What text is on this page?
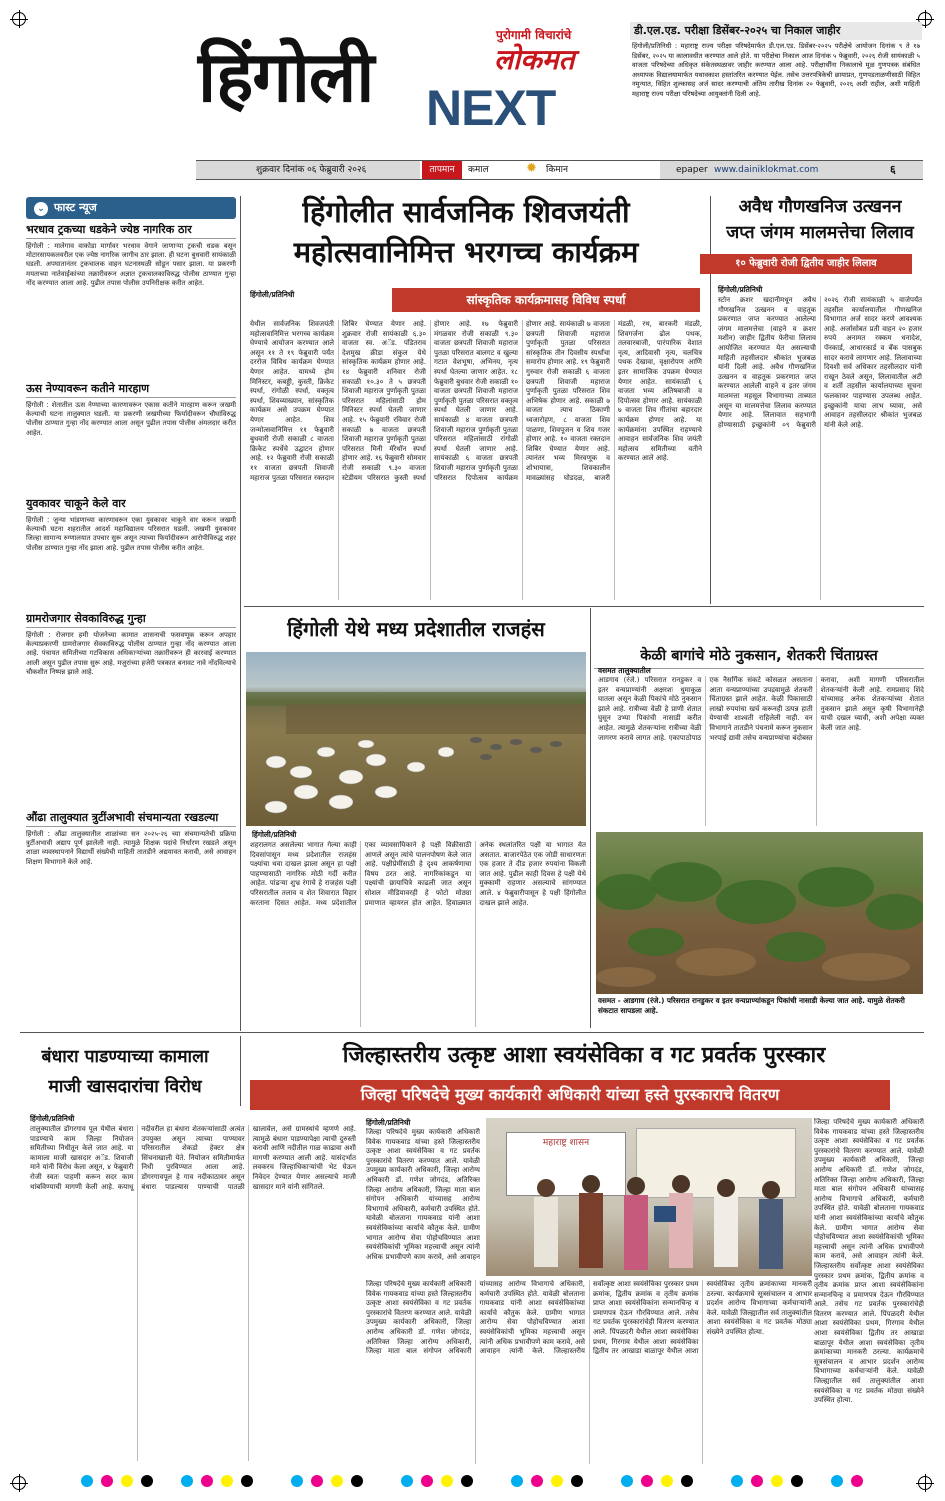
हिंगोली
पुरोगामी विचारांचे
लोकमत
NEXT
डी.एल.एड. परीक्षा डिसेंबर-२०२५ चा निकाल जाहीर
हिंगोली/प्रतिनिधी : महाराष्ट्र राज्य परीक्षा परिषदेमार्फत डी.एल.एड. डिसेंबर-२०२५ परीक्षेचे आयोजन दिनांक ९ ते १७ डिसेंबर, २०२५ या कालावधीत करण्यात आले होते. या परीक्षेचा निकाल आज दिनांक ५ फेब्रुवारी, २०२६ रोजी सायंकाळी ५ वाजता परिषदेच्या अधिकृत संकेतस्थळावर जाहीर करण्यात आला आहे. परीक्षार्थींना निकालाचे मूळ गुणपत्रक संबंधित अध्यापक विद्यालयामार्फत यथावकाश हस्तांतरित करण्यात येईल. तसेच उत्तरपत्रिकेची छायाप्रत, गुणपडताळणीसाठी विहित नमुन्यात, विहित शुल्कासह अर्ज सादर करण्याची अंतिम तारीख दिनांक २० फेब्रुवारी, २०२६ अशी राहील, अशी माहिती महाराष्ट्र राज्य परीक्षा परिषदेच्या आयुक्तांनी दिली आहे.
शुक्रवार दिनांक ०६ फेब्रुवारी २०२६	तापमान	कमाल	✹ किमान	epaper www.dainiklokmat.com	६
⌄ फास्ट न्यूज
भरधाव ट्रकच्या धडकेने ज्येष्ठ नागरिक ठार
हिंगोली : मालेगाव वाकोडा मार्गावर भरधाव वेगाने जाणाऱ्या ट्रकची धडक बसून मोटारसायकलवरील एक ज्येष्ठ नागरिक जागीच ठार झाला. ही घटना बुधवारी सायंकाळी घडली. अपघातानंतर ट्रकचालक वाहन घटनास्थळी सोडून पसार झाला. या प्रकरणी मयताच्या नातेवाईकांच्या तक्रारीवरून अज्ञात ट्रकचालकाविरुद्ध पोलीस ठाण्यात गुन्हा नोंद करण्यात आला आहे. पुढील तपास पोलीस उपनिरीक्षक करीत आहेत.
ऊस नेण्यावरून कतीने मारहाण
हिंगोली : शेतातील ऊस नेण्याच्या कारणावरून एकास कतीने मारहाण करून जखमी केल्याची घटना तालुक्यात घडली. या प्रकरणी जखमीच्या फिर्यादीवरून चौघांविरुद्ध पोलीस ठाण्यात गुन्हा नोंद करण्यात आला असून पुढील तपास पोलीस अंमलदार करीत आहेत.
युवकावर चाकूने केले वार
हिंगोली : जुन्या भांडणाच्या कारणावरून एका युवकावर चाकूने वार करून जखमी केल्याची घटना शहरातील आदर्श महाविद्यालय परिसरात घडली. जखमी युवकावर जिल्हा सामान्य रुग्णालयात उपचार सुरू असून त्याच्या फिर्यादीवरून आरोपीविरुद्ध शहर पोलीस ठाण्यात गुन्हा नोंद झाला आहे. पुढील तपास पोलीस करीत आहेत.
ग्रामरोजगार सेवकाविरुद्ध गुन्हा
हिंगोली : रोजगार हमी योजनेच्या कामात शासनाची फसवणूक करून अपहार केल्याप्रकरणी ग्रामरोजगार सेवकाविरुद्ध पोलीस ठाण्यात गुन्हा नोंद करण्यात आला आहे. पंचायत समितीच्या गटविकास अधिकाऱ्यांच्या तक्रारीवरून ही कारवाई करण्यात आली असून पुढील तपास सुरू आहे. मजुरांच्या हजेरी पत्रकात बनावट नावे नोंदविल्याचे चौकशीत निष्पन्न झाले आहे.
औंढा तालुक्यात त्रुटींअभावी संचमान्यता रखडल्या
हिंगोली : औंढा तालुक्यातील शाळांच्या सन २०२५-२६ च्या संचमान्यतेची प्रक्रिया त्रुटींअभावी अद्याप पूर्ण झालेली नाही. त्यामुळे शिक्षक पदांचे निर्धारण रखडले असून शाळा व्यवस्थापनाने विद्यार्थी संख्येची माहिती तातडीने अद्ययावत करावी, असे आवाहन शिक्षण विभागाने केले आहे.
हिंगोलीत सार्वजनिक शिवजयंती
महोत्सवानिमित्त भरगच्च कार्यक्रम
सांस्कृतिक कार्यक्रमासह विविध स्पर्धा
हिंगोली/प्रतिनिधी
येथील सार्वजनिक शिवजयंती महोत्सवानिमित्त भरगच्च कार्यक्रम घेण्याचे आयोजन करण्यात आले असून ११ ते १९ फेब्रुवारी पर्यंत दररोज विविध कार्यक्रम घेण्यात येणार आहेत. यामध्ये होम मिनिस्टर, कबड्डी, कुस्ती, क्रिकेट स्पर्धा, रांगोळी स्पर्धा, वक्तृत्व स्पर्धा, शिवव्याख्यान, सांस्कृतिक कार्यक्रम असे उपक्रम घेण्यात येणार आहेत. शिव जन्मोत्सवानिमित्त ११ फेब्रुवारी बुधवारी रोजी सकाळी ८ वाजता क्रिकेट स्पर्धेचे उद्घाटन होणार आहे. १२ फेब्रुवारी रोजी सकाळी ११ वाजता छत्रपती शिवाजी महाराज पुतळा परिसरात रक्तदान शिबिर घेण्यात येणार आहे. शुक्रवार रोजी सायंकाळी ६.३० वाजता स्व. अॅड. पंडितराव देशमुख क्रीडा संकुल येथे सांस्कृतिक कार्यक्रम होणार आहे. १४ फेब्रुवारी शनिवार रोजी सकाळी १०.३० ते ५ छत्रपती शिवाजी महाराज पुर्णाकृती पुतळा परिसरात महिलांसाठी होम मिनिस्टर स्पर्धा घेतली जाणार आहे. १५ फेब्रुवारी रविवार रोजी सकाळी ७ वाजता छत्रपती शिवाजी महाराज पुर्णाकृती पुतळा परिसरात मिनी मॅरेथॉन स्पर्धा होणार आहे. १६ फेब्रुवारी सोमवार रोजी सकाळी ९.३० वाजता स्टेडीयम परिसरात कुस्ती स्पर्धा होणार आहे. १७ फेब्रुवारी मंगळवार रोजी सकाळी ९.३० वाजता छत्रपती शिवाजी महाराज पुतळा परिसरात बालगट व खुल्या गटात वेशभूषा, अभिनय, नृत्य स्पर्धा घेतल्या जाणार आहेत. १८ फेब्रुवारी बुधवार रोजी सकाळी १० वाजता छत्रपती शिवाजी महाराज पुर्णाकृती पुतळा परिसरात वक्तृत्व स्पर्धा घेतली जाणार आहे. सायंकाळी ४ वाजता छत्रपती शिवाजी महाराज पुर्णाकृती पुतळा परिसरात महिलांसाठी रांगोळी स्पर्धा घेतली जाणार आहे. सायंकाळी ६ वाजता छत्रपती शिवाजी महाराज पुर्णाकृती पुतळा परिसरात दिपोत्सव कार्यक्रम होणार आहे. सायंकाळी ७ वाजता छत्रपती शिवाजी महाराज पुर्णाकृती पुतळा परिसरात सांस्कृतिक तीन दिवसीय स्पर्धांचा समारोप होणार आहे. १९ फेब्रुवारी गुरुवार रोजी सकाळी ६ वाजता छत्रपती शिवाजी महाराज पुर्णाकृती पुतळा परिसरात शिव अभिषेक होणार आहे. सकाळी ७ वाजता त्याच ठिकाणी ध्वजारोहण, ८ वाजता शिव पाळणा, शिवपूजन व शिव गजर होणार आहे. १० वाजता रक्तदान शिबिर घेण्यात येणार आहे. त्यानंतर भव्य मिरवणूक व शोभायात्रा, शिवकालीन मावळ्यांसह घोडदळ, बाजरी मंडळी, रथ, बारकरी मंडळी, शिवगर्जना ढोल पथक, तलवारबाजी, पारंपारिक वेशात नृत्य, आदिवासी नृत्य, चलचित्र पथक देखावा, वृक्षारोपण आणि इतर सामाजिक उपक्रम घेण्यात येणार आहेत. सायंकाळी ६ वाजता भव्य अतिषबाजी व दिपोत्सव होणार आहे. सायंकाळी ७ वाजता शिव गीतांचा बहारदार कार्यक्रम होणार आहे. या कार्यक्रमांना उपस्थित राहण्याचे आवाहन सार्वजनिक शिव जयंती महोत्सव समितीच्या वतीने करण्यात आले आहे.
अवैध गौणखनिज उत्खनन
जप्त जंगम मालमत्तेचा लिलाव
१० फेब्रुवारी रोजी द्वितीय जाहीर लिलाव
हिंगोली/प्रतिनिधी
स्टोन क्रशर खदानीमधून अवैध गौणखनिज उत्खनन व वाहतूक प्रकरणात जप्त करण्यात आलेल्या जंगम मालमत्तेचा (वाहने व क्रशर मशीन) जाहीर द्वितीय फेरीचा लिलाव आयोजित करण्यात येत असल्याची माहिती तहसीलदार श्रीकांत भुजबळ यांनी दिली आहे. अवैध गौणखनिज उत्खनन व वाहतूक प्रकरणात जप्त करण्यात आलेली वाहने व इतर जंगम मालमत्ता महसूल विभागाच्या ताब्यात असून या मालमत्तेचा लिलाव करण्यात येणार आहे. लिलावात सहभागी होण्यासाठी इच्छुकांनी ०९ फेब्रुवारी २०२६ रोजी सायंकाळी ५ वाजेपर्यंत तहसील कार्यालयातील गौणखनिज विभागात अर्ज सादर करणे आवश्यक आहे. अर्जासोबत प्रती वाहन २० हजार रुपये अनामत रक्कम धनादेश, पॅनकार्ड, आधारकार्ड व बँक पासबुक सादर करावे लागणार आहे. लिलावाच्या दिवशी सर्व अधिकार तहसीलदार यांनी राखून ठेवले असून, लिलावातील अटी व शर्ती तहसील कार्यालयाच्या सूचना फलकावर पाहण्यास उपलब्ध आहेत. इच्छुकांनी याचा लाभ घ्यावा, असे आवाहन तहसीलदार श्रीकांत भुजबळ यांनी केले आहे.
हिंगोली येथे मध्य प्रदेशातील राजहंस
हिंगोली/प्रतिनिधी
शहरालगत असलेल्या भागात गेल्या काही दिवसांपासून मध्य प्रदेशातील राजहंस पक्ष्यांचा थवा दाखल झाला असून हा पक्षी पाहण्यासाठी नागरिक मोठी गर्दी करीत आहेत. पांढऱ्या शुभ्र रंगाचे हे राजहंस पक्षी परिसरातील तलाव व शेत शिवारात विहार करताना दिसत आहेत. मध्य प्रदेशातील एका व्यावसायिकाने हे पक्षी विक्रीसाठी आणले असून त्यांचे पालनपोषण केले जात आहे. पक्षीप्रेमींसाठी हे दृश्य आकर्षणाचा विषय ठरत आहे. नागरिकांकडून या पक्ष्यांची छायाचित्रे काढली जात असून सोशल मीडियावरही हे फोटो मोठ्या प्रमाणात व्हायरल होत आहेत. हिवाळ्यात अनेक स्थलांतरित पक्षी या भागात येत असतात. बाजारपेठेत एक जोडी साधारणतः एक हजार ते दीड हजार रुपयांना विकली जात आहे. पुढील काही दिवस हे पक्षी येथे मुक्कामी राहणार असल्याचे सांगण्यात आले. ४ फेब्रुवारीपासून हे पक्षी हिंगोलीत दाखल झाले आहेत.
केळी बागांचे मोठे नुकसान, शेतकरी चिंताग्रस्त
वसमत तालुक्यातील
आडगाव (रंजे.) परिसरात रानडुकर व इतर वन्यप्राण्यांनी अक्षरशः धुमाकूळ घातला असून केळी पिकांचे मोठे नुकसान झाले आहे. रात्रीच्या वेळी हे प्राणी शेतात घुसून उभ्या पिकांची नासाडी करीत आहेत. त्यामुळे शेतकऱ्यांना रात्रीच्या वेळी जागरण करावे लागत आहे. एकापाठोपाठ एक नैसर्गिक संकटे कोसळत असताना आता वन्यप्राण्यांच्या उपद्रवामुळे शेतकरी चिंताग्रस्त झाले आहेत. केळी पिकासाठी लाखो रुपयांचा खर्च करूनही उत्पन्न हाती येण्याची शाश्वती राहिलेली नाही. वन विभागाने तातडीने पंचनामे करून नुकसान भरपाई द्यावी तसेच वन्यप्राण्यांचा बंदोबस्त करावा, अशी मागणी परिसरातील शेतकऱ्यांनी केली आहे. रामप्रसाद शिंदे यांच्यासह अनेक शेतकऱ्यांच्या शेतात नुकसान झाले असून कृषी विभागानेही याची दखल घ्यावी, अशी अपेक्षा व्यक्त केली जात आहे.
वसमत - आडगाव (रंजे.) परिसरात रानडुकर व इतर वन्यप्राण्यांकडून पिकांची नासाडी केल्या जात आहे. यामुळे शेतकरी संकटात सापडला आहे.
बंधारा पाडण्याच्या कामाला
माजी खासदारांचा विरोध
हिंगोली/प्रतिनिधी
तालुक्यातील डोंगरगाव पूल येथील बंधारा पाडण्याचे काम जिल्हा नियोजन समितीच्या निधीतून केले जात आहे. या कामाला माजी खासदार अॅड. शिवाजी माने यांनी विरोध केला असून, ४ फेब्रुवारी रोजी स्वतः पाहणी करून सदर काम थांबविण्याची मागणी केली आहे. कयाधू नदीवरील हा बंधारा शेतकऱ्यांसाठी अत्यंत उपयुक्त असून त्याच्या पाण्यावर परिसरातील शेकडो हेक्टर क्षेत्र सिंचनाखाली येते. नियोजन समितीमार्फत निधी पुरविण्यात आला आहे. डोंगरगावपूल हे गाव नदीकाठावर असून बंधारा पाडल्यास पाण्याची पातळी खालावेल, असे ग्रामस्थांचे म्हणणे आहे. त्यामुळे बंधारा पाडण्यापेक्षा त्याची दुरुस्ती करावी आणि नदीतील गाळ काढावा अशी मागणी करण्यात आली आहे. यासंदर्भात लवकरच जिल्हाधिकाऱ्यांची भेट घेऊन निवेदन देण्यात येणार असल्याचे माजी खासदार माने यांनी सांगितले.
जिल्हास्तरीय उत्कृष्ट आशा स्वयंसेविका व गट प्रवर्तक पुरस्कार
जिल्हा परिषदेचे मुख्य कार्यकारी अधिकारी यांच्या हस्ते पुरस्काराचे वितरण
हिंगोली/प्रतिनिधी
जिल्हा परिषदेचे मुख्य कार्यकारी अधिकारी विवेक गायकवाड यांच्या हस्ते जिल्हास्तरीय उत्कृष्ट आशा स्वयंसेविका व गट प्रवर्तक पुरस्कारांचे वितरण करण्यात आले. यावेळी उपमुख्य कार्यकारी अधिकारी, जिल्हा आरोग्य अधिकारी डॉ. गणेश जोगदंड, अतिरिक्त जिल्हा आरोग्य अधिकारी, जिल्हा माता बाल संगोपन अधिकारी यांच्यासह आरोग्य विभागाचे अधिकारी, कर्मचारी उपस्थित होते. यावेळी बोलताना गायकवाड यांनी आशा स्वयंसेविकांच्या कार्याचे कौतुक केले. ग्रामीण भागात आरोग्य सेवा पोहोचविण्यात आशा स्वयंसेविकांची भूमिका महत्त्वाची असून त्यांनी अधिक प्रभावीपणे काम करावे, असे आवाहन
महाराष्ट्र शासन
जिल्हा परिषदेचे मुख्य कार्यकारी अधिकारी विवेक गायकवाड यांच्या हस्ते जिल्हास्तरीय उत्कृष्ट आशा स्वयंसेविका व गट प्रवर्तक पुरस्कारांचे वितरण करण्यात आले. यावेळी उपमुख्य कार्यकारी अधिकारी, जिल्हा आरोग्य अधिकारी डॉ. गणेश जोगदंड, अतिरिक्त जिल्हा आरोग्य अधिकारी, जिल्हा माता बाल संगोपन अधिकारी यांच्यासह आरोग्य विभागाचे अधिकारी, कर्मचारी उपस्थित होते. यावेळी बोलताना गायकवाड यांनी आशा स्वयंसेविकांच्या कार्याचे कौतुक केले. ग्रामीण भागात आरोग्य सेवा पोहोचविण्यात आशा स्वयंसेविकांची भूमिका महत्त्वाची असून त्यांनी अधिक प्रभावीपणे काम करावे, असे आवाहन त्यांनी केले. जिल्हास्तरीय सर्वोत्कृष्ट आशा स्वयंसेविका पुरस्कार प्रथम क्रमांक, द्वितीय क्रमांक व तृतीय क्रमांक प्राप्त आशा स्वयंसेविकांना सन्मानचिन्ह व प्रमाणपत्र देऊन गौरविण्यात आले. तसेच गट प्रवर्तक पुरस्कारांचेही वितरण करण्यात आले. पिंपळदरी येथील आशा स्वयंसेविका प्रथम, गिरगाव येथील आशा स्वयंसेविका द्वितीय तर आखाडा बाळापूर येथील आशा स्वयंसेविका तृतीय क्रमांकाच्या मानकरी ठरल्या. कार्यक्रमाचे सूत्रसंचालन व आभार प्रदर्शन आरोग्य विभागाच्या कर्मचाऱ्यांनी केले. यावेळी जिल्ह्यातील सर्व तालुक्यांतील आशा स्वयंसेविका व गट प्रवर्तक मोठ्या संख्येने उपस्थित होत्या.
जिल्हा परिषदेचे मुख्य कार्यकारी अधिकारी विवेक गायकवाड यांच्या हस्ते जिल्हास्तरीय उत्कृष्ट आशा स्वयंसेविका व गट प्रवर्तक पुरस्कारांचे वितरण करण्यात आले. यावेळी उपमुख्य कार्यकारी अधिकारी, जिल्हा आरोग्य अधिकारी डॉ. गणेश जोगदंड, अतिरिक्त जिल्हा आरोग्य अधिकारी, जिल्हा माता बाल संगोपन अधिकारी यांच्यासह आरोग्य विभागाचे अधिकारी, कर्मचारी उपस्थित होते. यावेळी बोलताना गायकवाड यांनी आशा स्वयंसेविकांच्या कार्याचे कौतुक केले. ग्रामीण भागात आरोग्य सेवा पोहोचविण्यात आशा स्वयंसेविकांची भूमिका महत्त्वाची असून त्यांनी अधिक प्रभावीपणे काम करावे, असे आवाहन त्यांनी केले. जिल्हास्तरीय सर्वोत्कृष्ट आशा स्वयंसेविका पुरस्कार प्रथम क्रमांक, द्वितीय क्रमांक व तृतीय क्रमांक प्राप्त आशा स्वयंसेविकांना सन्मानचिन्ह व प्रमाणपत्र देऊन गौरविण्यात आले. तसेच गट प्रवर्तक पुरस्कारांचेही वितरण करण्यात आले. पिंपळदरी येथील आशा स्वयंसेविका प्रथम, गिरगाव येथील आशा स्वयंसेविका द्वितीय तर आखाडा बाळापूर येथील आशा स्वयंसेविका तृतीय क्रमांकाच्या मानकरी ठरल्या. कार्यक्रमाचे सूत्रसंचालन व आभार प्रदर्शन आरोग्य विभागाच्या कर्मचाऱ्यांनी केले. यावेळी जिल्ह्यातील सर्व तालुक्यांतील आशा स्वयंसेविका व गट प्रवर्तक मोठ्या संख्येने उपस्थित होत्या.
